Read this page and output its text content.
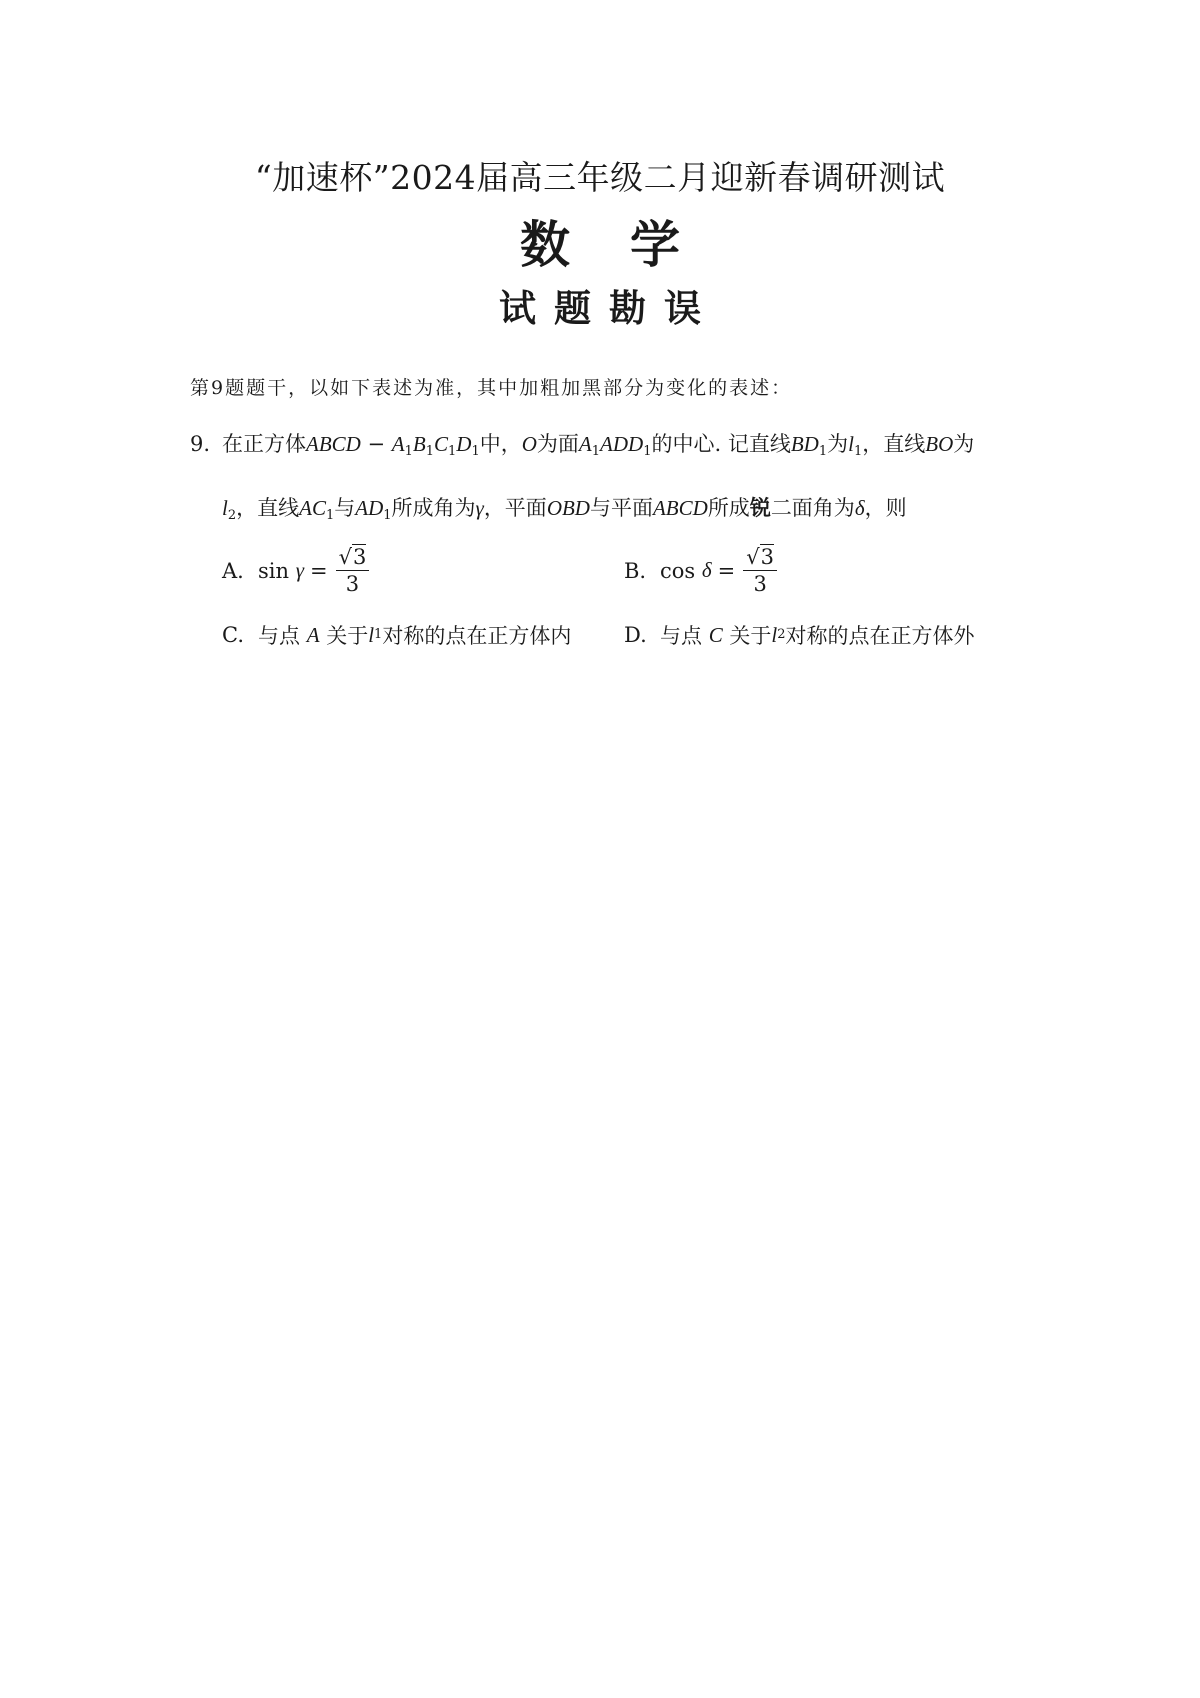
“加速杯”2024届高三年级二月迎新春调研测试
数学
试题勘误
第9题题干，以如下表述为准，其中加粗加黑部分为变化的表述：
9. 在正方体ABCD − $A_1B_1C_1D_1$中，O为面$A_1ADD_1$的中心. 记直线$BD_1$为$l_1$，直线BO为
$l_2$，直线$AC_1$与$AD_1$所成角为γ，平面OBD与平面ABCD所成锐二面角为δ，则
A. sin
$\gamma = \frac{√3}{3}$	B. cos
$\delta = \frac{√3}{3}$
C. 与点
A
关于 l 1 对称的点在正方体内	D. 与点
C
关于 l 2 对称的点在正方体外
